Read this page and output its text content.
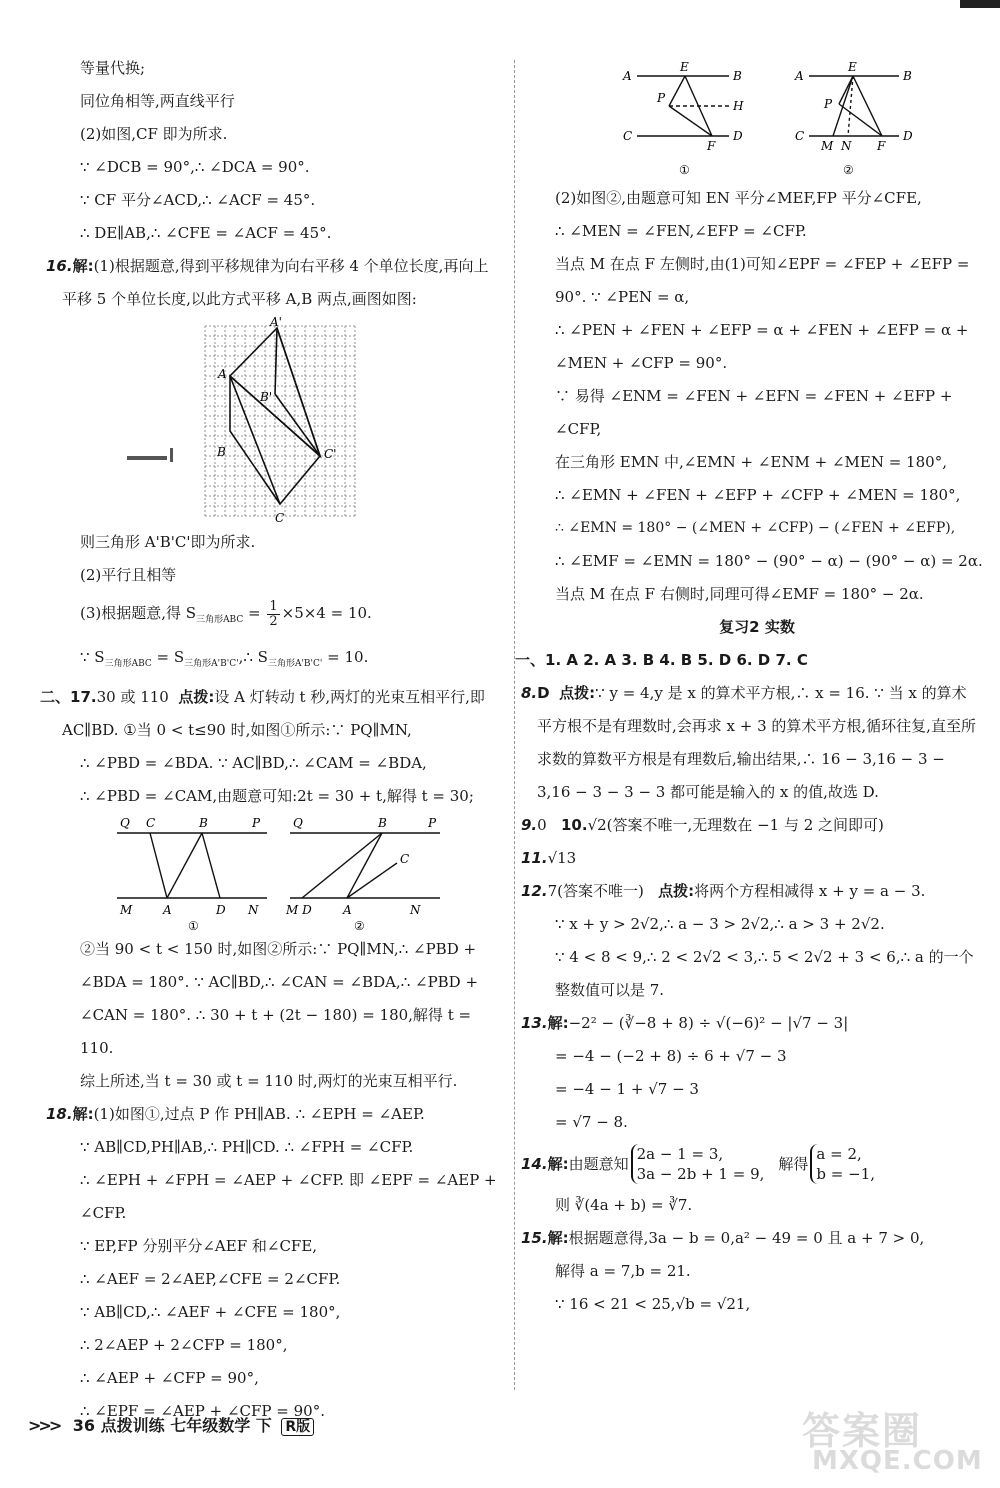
等量代换;
同位角相等,两直线平行
(2)如图,CF 即为所求.
∵ ∠DCB = 90°,∴ ∠DCA = 90°.
∵ CF 平分∠ACD,∴ ∠ACF = 45°.
∴ DE∥AB,∴ ∠CFE = ∠ACF = 45°.
16.解:(1)根据题意,得到平移规律为向右平移 4 个单位长度,再向上平移 5 个单位长度,以此方式平移 A,B 两点,画图如图:
A'
A
B'
C'
B
C
则三角形 A'B'C'即为所求.
(2)平行且相等
(3)根据题意,得 $S_{三角形ABC} = \frac{1}{2} \times 5\times 4 = 10$.
∵ $S_{三角形ABC}$ = $S_{三角形A'B'C'},\therefore$ $S_{三角形A'B'C'} = 10$.
二、17.30 或 110 点拨:设 A 灯转动 t 秒,两灯的光束互相平行,即 AC∥BD. ①当 0 < t≤90 时,如图①所示:∵ PQ∥MN,
∴ ∠PBD = ∠BDA. ∵ AC∥BD,∴ ∠CAM = ∠BDA,
∴ ∠PBD = ∠CAM,由题意可知:2t = 30 + t,解得 t = 30;
Q C	B	P
M	A	D N
①
Q	B	P
C
M D	A	N
②
②当 90 < t < 150 时,如图②所示:∵ PQ∥MN,∴ ∠PBD + ∠BDA = 180°. ∵ AC∥BD,∴ ∠CAN = ∠BDA,∴ ∠PBD + ∠CAN = 180°. ∴ 30 + t + (2t − 180) = 180,解得 t = 110.
综上所述,当 t = 30 或 t = 110 时,两灯的光束互相平行.
18.解:(1)如图①,过点 P 作 PH∥AB. ∴ ∠EPH = ∠AEP.
∵ AB∥CD,PH∥AB,∴ PH∥CD. ∴ ∠FPH = ∠CFP.
∴ ∠EPH + ∠FPH = ∠AEP + ∠CFP. 即 ∠EPF = ∠AEP + ∠CFP.
∵ EP,FP 分别平分∠AEF 和∠CFE,
∴ ∠AEF = 2∠AEP,∠CFE = 2∠CFP.
∵ AB∥CD,∴ ∠AEF + ∠CFE = 180°,
∴ 2∠AEP + 2∠CFP = 180°,
∴ ∠AEP + ∠CFP = 90°,
∴ ∠EPF = ∠AEP + ∠CFP = 90°.
A
E
B
P
H
C
F
D
①
A
E
B
P
C
M N F
D
②
(2)如图②,由题意可知 EN 平分∠MEF,FP 平分∠CFE,
∴ ∠MEN = ∠FEN,∠EFP = ∠CFP.
当点 M 在点 F 左侧时,由(1)可知∠EPF = ∠FEP + ∠EFP = 90°. ∵ ∠PEN = α,
∴ ∠PEN + ∠FEN + ∠EFP = α + ∠FEN + ∠EFP = α + ∠MEN + ∠CFP = 90°.
∵ 易得 ∠ENM = ∠FEN + ∠EFN = ∠FEN + ∠EFP + ∠CFP,
在三角形 EMN 中,∠EMN + ∠ENM + ∠MEN = 180°,
∴ ∠EMN + ∠FEN + ∠EFP + ∠CFP + ∠MEN = 180°,
∴ ∠EMN = 180° − (∠MEN + ∠CFP) − (∠FEN + ∠EFP),
∴ ∠EMF = ∠EMN = 180° − (90° − α) − (90° − α) = 2α.
当点 M 在点 F 右侧时,同理可得∠EMF = 180° − 2α.
复习2 实数
一、1. A 2. A 3. B 4. B 5. D 6. D 7. C
8.D 点拨:∵ y = 4,y 是 x 的算术平方根,∴ x = 16. ∵ 当 x 的算术平方根不是有理数时,会再求 x + 3 的算术平方根,循环往复,直至所求数的算数平方根是有理数后,输出结果,∴ 16 − 3,16 − 3 − 3,16 − 3 − 3 − 3 都可能是输入的 x 的值,故选 D.
9.0 10.√2(答案不唯一,无理数在 −1 与 2 之间即可)
11.√13
12.7(答案不唯一) 点拨:将两个方程相减得 x + y = a − 3.
∵ x + y > 2√2,∴ a − 3 > 2√2,∴ a > 3 + 2√2.
∵ 4 < 8 < 9,∴ 2 < 2√2 < 3,∴ 5 < 2√2 + 3 < 6,∴ a 的一个整数值可以是 7.
13.解:−2² − (∛−8 + 8) ÷ √(−6)² − |√7 − 3|
= −4 − (−2 + 8) ÷ 6 + √7 − 3
= −4 − 1 + √7 − 3
= √7 − 8.
14. 解: 由题意知
2a − 1 = 3,
3a − 2b + 1 = 9,
解得
a = 2,
b = −1,
则 ∛(4a + b) = ∛7.
15.解:根据题意得,3a − b = 0,a² − 49 = 0 且 a + 7 > 0,
解得 a = 7,b = 21.
∵ 16 < 21 < 25,√b = √21,
>>> 36 点拨训练 七年级数学 下 R版	答案圈
MXQE.COM
